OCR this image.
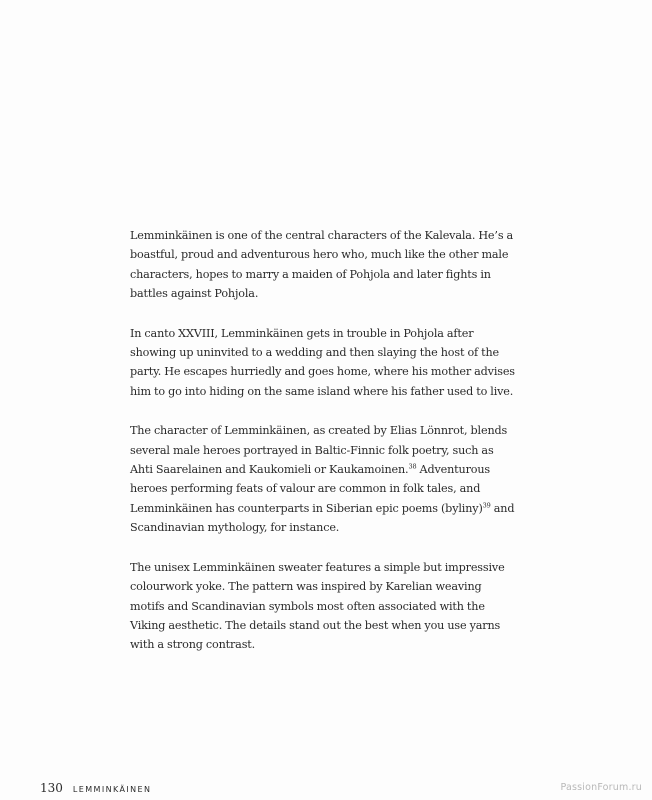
Lemminkäinen is one of the central characters of the Kalevala. He’s a boastful, proud and adventurous hero who, much like the other male characters, hopes to marry a maiden of Pohjola and later fights in battles against Pohjola.

In canto XXVIII, Lemminkäinen gets in trouble in Pohjola after showing up uninvited to a wedding and then slaying the host of the party. He escapes hurriedly and goes home, where his mother advises him to go into hiding on the same island where his father used to live.

The character of Lemminkäinen, as created by Elias Lönnrot, blends several male heroes portrayed in Baltic-Finnic folk poetry, such as Ahti Saarelainen and Kaukomieli or Kaukamoinen.$^{38}$ Adventurous heroes performing feats of valour are common in folk tales, and Lemminkäinen has counterparts in Siberian epic poems (byliny)$^{39}$ and Scandinavian mythology, for instance.

The unisex Lemminkäinen sweater features a simple but impressive colourwork yoke. The pattern was inspired by Karelian weaving motifs and Scandinavian symbols most often associated with the Viking aesthetic. The details stand out the best when you use yarns with a strong contrast.

130 LEMMINKÄINEN	PassionForum.ru
